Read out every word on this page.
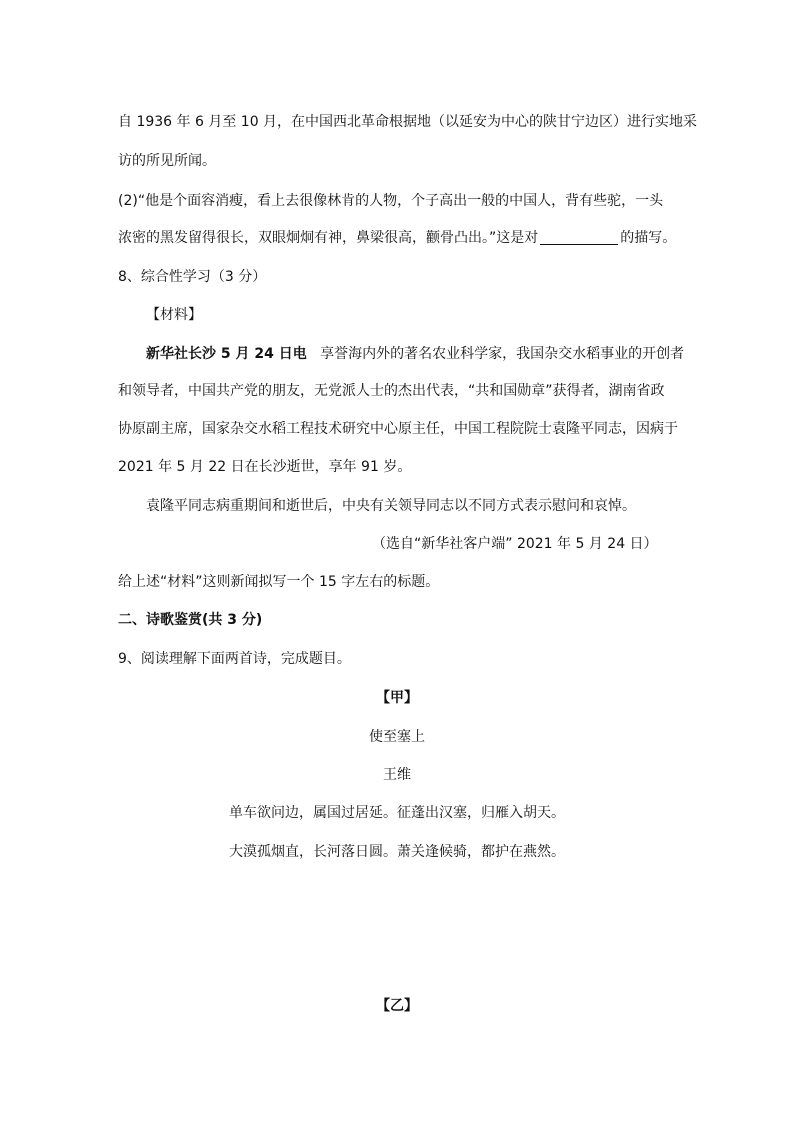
自 1936 年 6 月至 10 月，在中国西北革命根据地（以延安为中心的陕甘宁边区）进行实地采
访的所见所闻。
(2)“他是个面容消瘦，看上去很像林肯的人物，个子高出一般的中国人，背有些驼，一头
浓密的黑发留得很长，双眼炯炯有神，鼻梁很高，颧骨凸出。”这是对	的描写。
8、综合性学习（3 分）
【材料】
新华社长沙 5 月 24 日电 享誉海内外的著名农业科学家，我国杂交水稻事业的开创者
和领导者，中国共产党的朋友，无党派人士的杰出代表，“共和国勋章”获得者，湖南省政
协原副主席，国家杂交水稻工程技术研究中心原主任，中国工程院院士袁隆平同志，因病于
2021 年 5 月 22 日在长沙逝世，享年 91 岁。
袁隆平同志病重期间和逝世后，中央有关领导同志以不同方式表示慰问和哀悼。
（选自“新华社客户端” 2021 年 5 月 24 日）
给上述“材料”这则新闻拟写一个 15 字左右的标题。
二、诗歌鉴赏(共 3 分)
9、阅读理解下面两首诗，完成题目。
【甲】
使至塞上
王维
单车欲问边，属国过居延。征蓬出汉塞，归雁入胡天。
大漠孤烟直，长河落日圆。萧关逢候骑，都护在燕然。
【乙】
